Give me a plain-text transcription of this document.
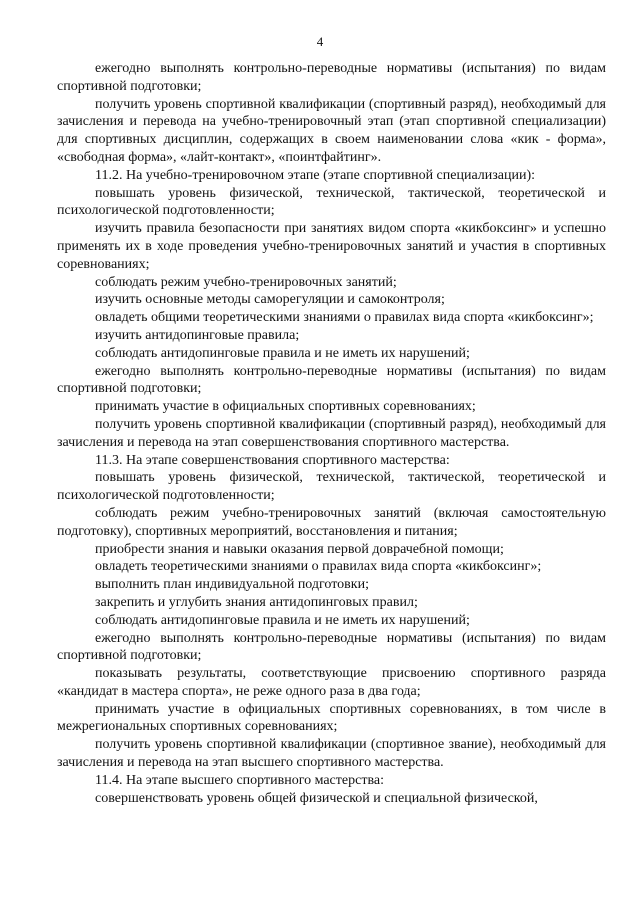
4

ежегодно выполнять контрольно-переводные нормативы (испытания) по видам спортивной подготовки;

получить уровень спортивной квалификации (спортивный разряд), необходимый для зачисления и перевода на учебно-тренировочный этап (этап спортивной специализации) для спортивных дисциплин, содержащих в своем наименовании слова «кик - форма», «свободная форма», «лайт-контакт», «поинтфайтинг».

11.2. На учебно-тренировочном этапе (этапе спортивной специализации):

повышать уровень физической, технической, тактической, теоретической и психологической подготовленности;

изучить правила безопасности при занятиях видом спорта «кикбоксинг» и успешно применять их в ходе проведения учебно-тренировочных занятий и участия в спортивных соревнованиях;

соблюдать режим учебно-тренировочных занятий;

изучить основные методы саморегуляции и самоконтроля;

овладеть общими теоретическими знаниями о правилах вида спорта «кикбоксинг»;

изучить антидопинговые правила;

соблюдать антидопинговые правила и не иметь их нарушений;

ежегодно выполнять контрольно-переводные нормативы (испытания) по видам спортивной подготовки;

принимать участие в официальных спортивных соревнованиях;

получить уровень спортивной квалификации (спортивный разряд), необходимый для зачисления и перевода на этап совершенствования спортивного мастерства.

11.3. На этапе совершенствования спортивного мастерства:

повышать уровень физической, технической, тактической, теоретической и психологической подготовленности;

соблюдать режим учебно-тренировочных занятий (включая самостоятельную подготовку), спортивных мероприятий, восстановления и питания;

приобрести знания и навыки оказания первой доврачебной помощи;

овладеть теоретическими знаниями о правилах вида спорта «кикбоксинг»;

выполнить план индивидуальной подготовки;

закрепить и углубить знания антидопинговых правил;

соблюдать антидопинговые правила и не иметь их нарушений;

ежегодно выполнять контрольно-переводные нормативы (испытания) по видам спортивной подготовки;

показывать результаты, соответствующие присвоению спортивного разряда «кандидат в мастера спорта», не реже одного раза в два года;

принимать участие в официальных спортивных соревнованиях, в том числе в межрегиональных спортивных соревнованиях;

получить уровень спортивной квалификации (спортивное звание), необходимый для зачисления и перевода на этап высшего спортивного мастерства.

11.4. На этапе высшего спортивного мастерства:

совершенствовать уровень общей физической и специальной физической,
